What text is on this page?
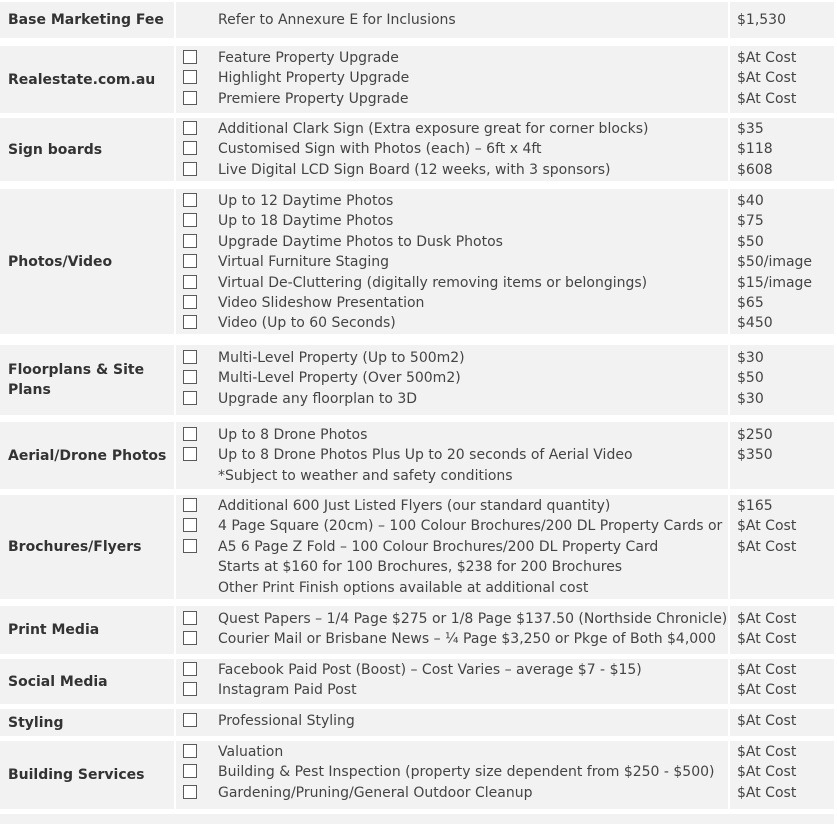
Base Marketing Fee	Refer to Annexure E for Inclusions	$1,530
Realestate.com.au
Feature Property Upgrade	$At Cost
Highlight Property Upgrade	$At Cost
Premiere Property Upgrade	$At Cost
Sign boards
Additional Clark Sign (Extra exposure great for corner blocks)	$35
Customised Sign with Photos (each) – 6ft x 4ft	$118
Live Digital LCD Sign Board (12 weeks, with 3 sponsors)	$608
Photos/Video
Up to 12 Daytime Photos	$40
Up to 18 Daytime Photos	$75
Upgrade Daytime Photos to Dusk Photos	$50
Virtual Furniture Staging	$50/image
Virtual De-Cluttering (digitally removing items or belongings)	$15/image
Video Slideshow Presentation	$65
Video (Up to 60 Seconds)	$450
Floorplans & Site Plans
Multi-Level Property (Up to 500m2)	$30
Multi-Level Property (Over 500m2)	$50
Upgrade any floorplan to 3D	$30
Aerial/Drone Photos
Up to 8 Drone Photos	$250
Up to 8 Drone Photos Plus Up to 20 seconds of Aerial Video	$350
*Subject to weather and safety conditions
Brochures/Flyers
Additional 600 Just Listed Flyers (our standard quantity)	$165
4 Page Square (20cm) – 100 Colour Brochures/200 DL Property Cards or $At Cost
A5 6 Page Z Fold – 100 Colour Brochures/200 DL Property Card	$At Cost
Starts at $160 for 100 Brochures, $238 for 200 Brochures
Other Print Finish options available at additional cost
Print Media
Quest Papers – 1/4 Page $275 or 1/8 Page $137.50 (Northside Chronicle) $At Cost
Courier Mail or Brisbane News – ¼ Page $3,250 or Pkge of Both $4,000 $At Cost
Social Media
Facebook Paid Post (Boost) – Cost Varies – average $7 - $15)	$At Cost
Instagram Paid Post	$At Cost
Styling	Professional Styling	$At Cost
Building Services
Valuation	$At Cost
Building & Pest Inspection (property size dependent from $250 - $500) $At Cost
Gardening/Pruning/General Outdoor Cleanup	$At Cost
